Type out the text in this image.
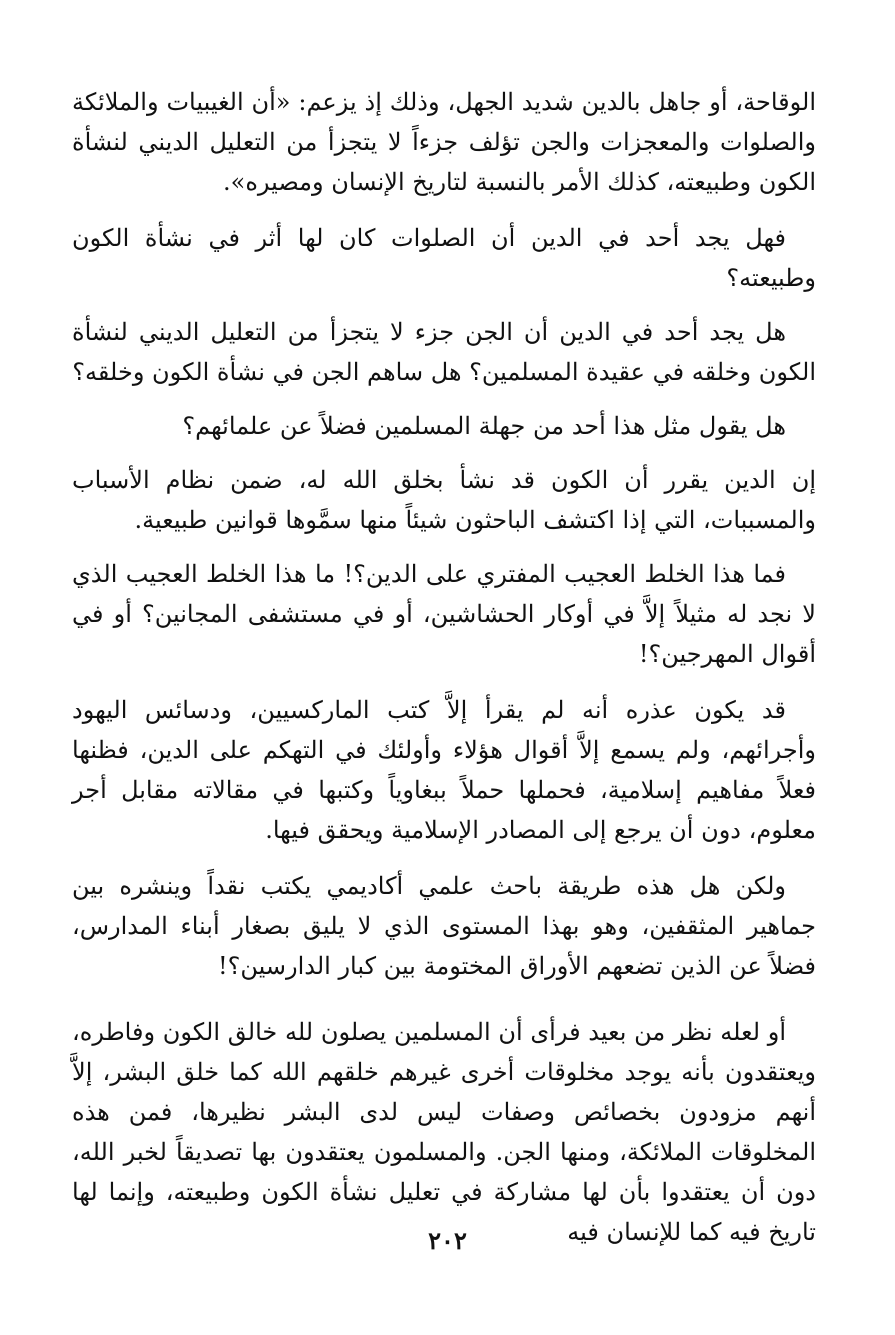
الوقاحة، أو جاهل بالدين شديد الجهل، وذلك إذ يزعم: «أن الغيبيات والملائكة والصلوات والمعجزات والجن تؤلف جزءاً لا يتجزأ من التعليل الديني لنشأة الكون وطبيعته، كذلك الأمر بالنسبة لتاريخ الإنسان ومصيره».

فهل يجد أحد في الدين أن الصلوات كان لها أثر في نشأة الكون وطبيعته؟

هل يجد أحد في الدين أن الجن جزء لا يتجزأ من التعليل الديني لنشأة الكون وخلقه في عقيدة المسلمين؟ هل ساهم الجن في نشأة الكون وخلقه؟

هل يقول مثل هذا أحد من جهلة المسلمين فضلاً عن علمائهم؟

إن الدين يقرر أن الكون قد نشأ بخلق الله له، ضمن نظام الأسباب والمسببات، التي إذا اكتشف الباحثون شيئاً منها سمَّوها قوانين طبيعية.

فما هذا الخلط العجيب المفتري على الدين؟! ما هذا الخلط العجيب الذي لا نجد له مثيلاً إلاَّ في أوكار الحشاشين، أو في مستشفى المجانين؟ أو في أقوال المهرجين؟!

قد يكون عذره أنه لم يقرأ إلاَّ كتب الماركسيين، ودسائس اليهود وأجرائهم، ولم يسمع إلاَّ أقوال هؤلاء وأولئك في التهكم على الدين، فظنها فعلاً مفاهيم إسلامية، فحملها حملاً ببغاوياً وكتبها في مقالاته مقابل أجر معلوم، دون أن يرجع إلى المصادر الإسلامية ويحقق فيها.

ولكن هل هذه طريقة باحث علمي أكاديمي يكتب نقداً وينشره بين جماهير المثقفين، وهو بهذا المستوى الذي لا يليق بصغار أبناء المدارس، فضلاً عن الذين تضعهم الأوراق المختومة بين كبار الدارسين؟!

أو لعله نظر من بعيد فرأى أن المسلمين يصلون لله خالق الكون وفاطره، ويعتقدون بأنه يوجد مخلوقات أخرى غيرهم خلقهم الله كما خلق البشر، إلاَّ أنهم مزودون بخصائص وصفات ليس لدى البشر نظيرها، فمن هذه المخلوقات الملائكة، ومنها الجن. والمسلمون يعتقدون بها تصديقاً لخبر الله، دون أن يعتقدوا بأن لها مشاركة في تعليل نشأة الكون وطبيعته، وإنما لها تاريخ فيه كما للإنسان فيه

٢٠٢
